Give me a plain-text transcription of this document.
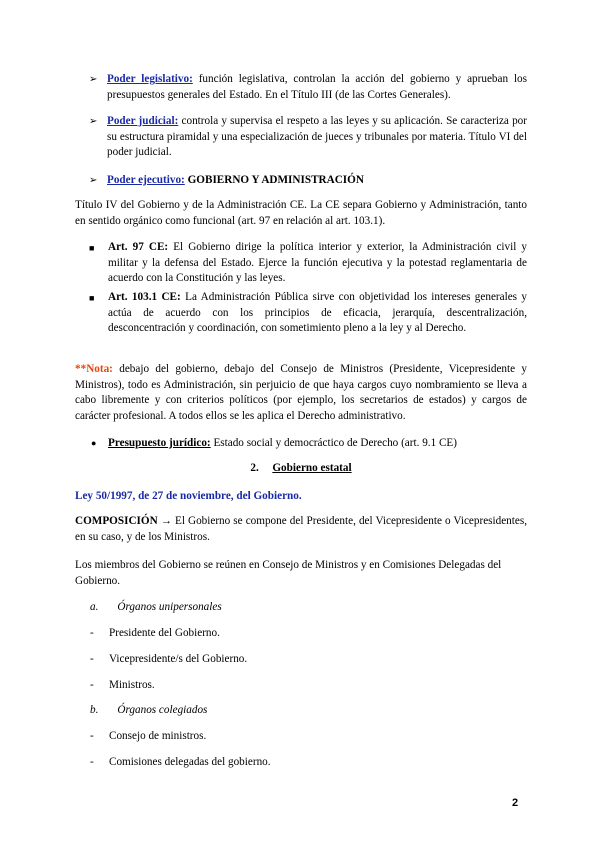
➢ Poder legislativo: función legislativa, controlan la acción del gobierno y aprueban los presupuestos generales del Estado. En el Título III (de las Cortes Generales).
➢ Poder judicial: controla y supervisa el respeto a las leyes y su aplicación. Se caracteriza por su estructura piramidal y una especialización de jueces y tribunales por materia. Título VI del poder judicial.
➢ Poder ejecutivo: GOBIERNO Y ADMINISTRACIÓN
Título IV del Gobierno y de la Administración CE. La CE separa Gobierno y Administración, tanto en sentido orgánico como funcional (art. 97 en relación al art. 103.1).
■ Art. 97 CE: El Gobierno dirige la política interior y exterior, la Administración civil y militar y la defensa del Estado. Ejerce la función ejecutiva y la potestad reglamentaria de acuerdo con la Constitución y las leyes.
■ Art. 103.1 CE: La Administración Pública sirve con objetividad los intereses generales y actúa de acuerdo con los principios de eficacia, jerarquía, descentralización, desconcentración y coordinación, con sometimiento pleno a la ley y al Derecho.
**Nota: debajo del gobierno, debajo del Consejo de Ministros (Presidente, Vicepresidente y Ministros), todo es Administración, sin perjuicio de que haya cargos cuyo nombramiento se lleva a cabo libremente y con criterios políticos (por ejemplo, los secretarios de estados) y cargos de carácter profesional. A todos ellos se les aplica el Derecho administrativo.
● Presupuesto jurídico: Estado social y democráctico de Derecho (art. 9.1 CE)
2. Gobierno estatal
Ley 50/1997, de 27 de noviembre, del Gobierno.
COMPOSICIÓN → El Gobierno se compone del Presidente, del Vicepresidente o Vicepresidentes, en su caso, y de los Ministros.
Los miembros del Gobierno se reúnen en Consejo de Ministros y en Comisiones Delegadas del Gobierno.
a. Órganos unipersonales
- Presidente del Gobierno.
- Vicepresidente/s del Gobierno.
- Ministros.
b. Órganos colegiados
- Consejo de ministros.
- Comisiones delegadas del gobierno.
2
